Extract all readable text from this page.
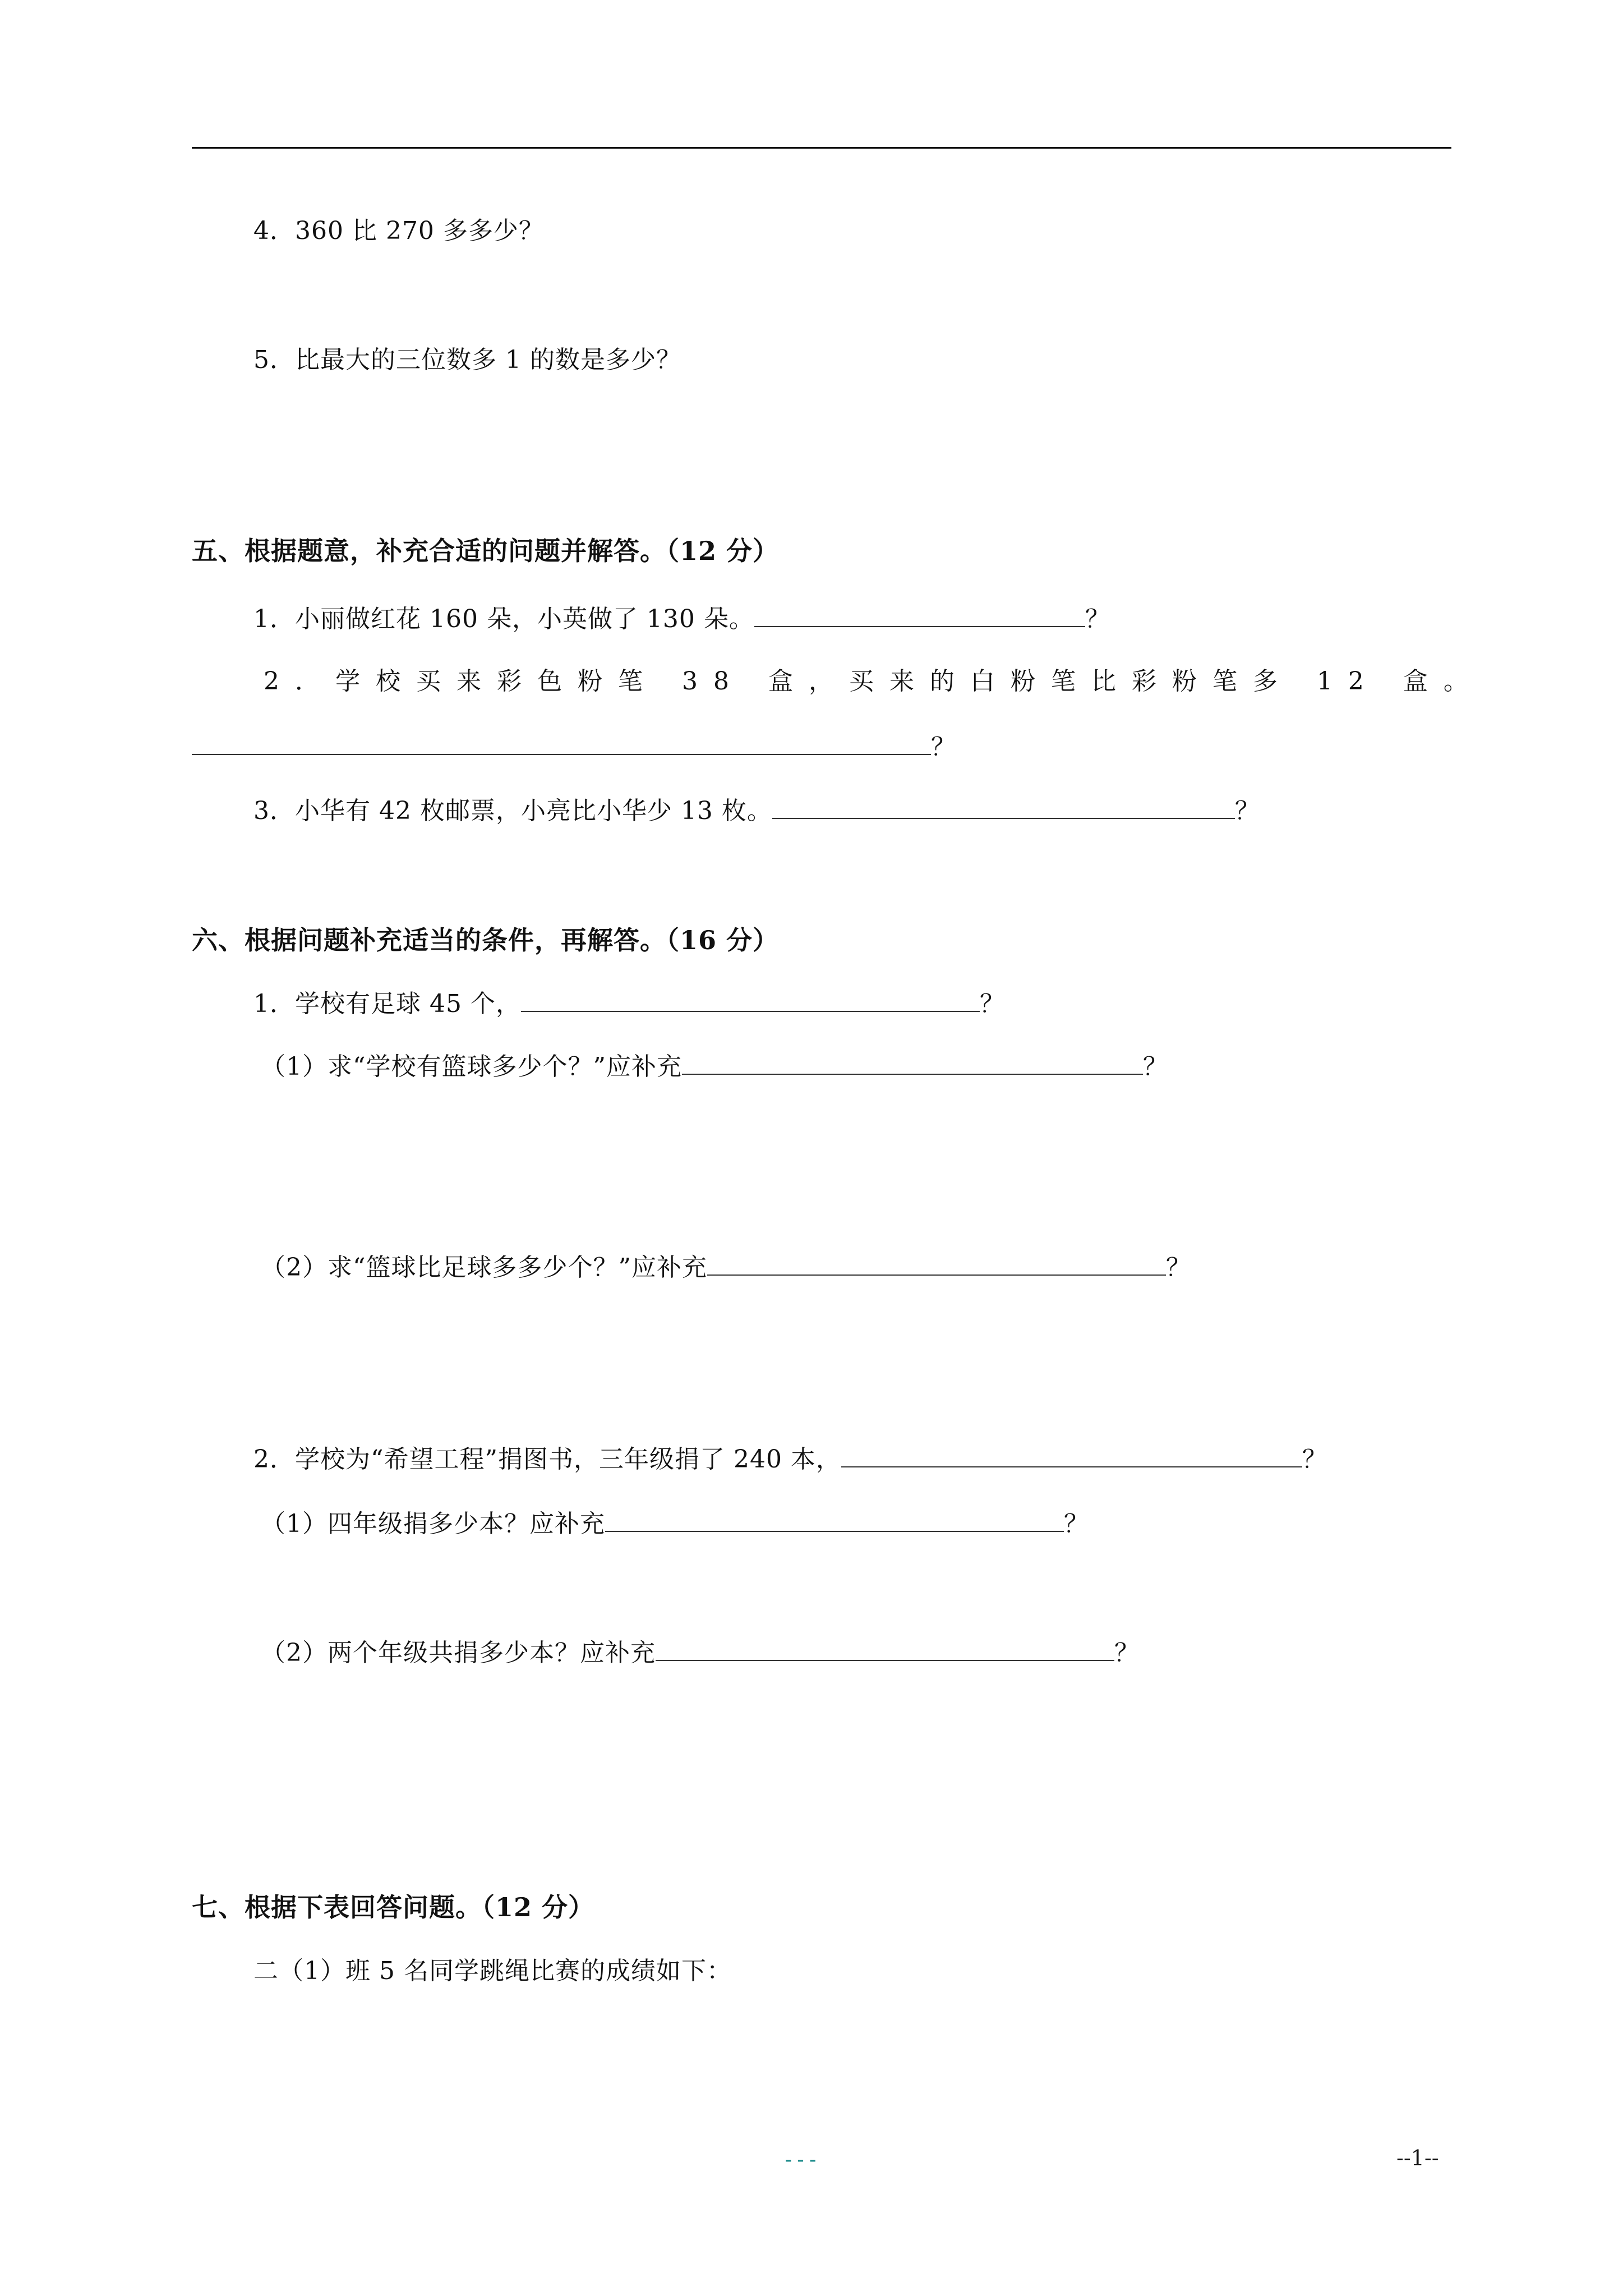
4．360 比 270 多多少？
5．比最大的三位数多 1 的数是多少？
五、根据题意，补充合适的问题并解答。（12 分）
1．小丽做红花 160 朵，小英做了 130 朵。	？
2．学校买来彩色粉笔 38 盒，买来的白粉笔比彩粉笔多 12 盒。
？
3．小华有 42 枚邮票，小亮比小华少 13 枚。	？
六、根据问题补充适当的条件，再解答。（16 分）
1．学校有足球 45 个，	？
（1）求“学校有篮球多少个？”应补充	？
（2）求“篮球比足球多多少个？”应补充	？
2．学校为“希望工程”捐图书，三年级捐了 240 本，	？
（1）四年级捐多少本？应补充	？
（2）两个年级共捐多少本？应补充	？
七、根据下表回答问题。（12 分）
二（1）班 5 名同学跳绳比赛的成绩如下：
---	--1--
